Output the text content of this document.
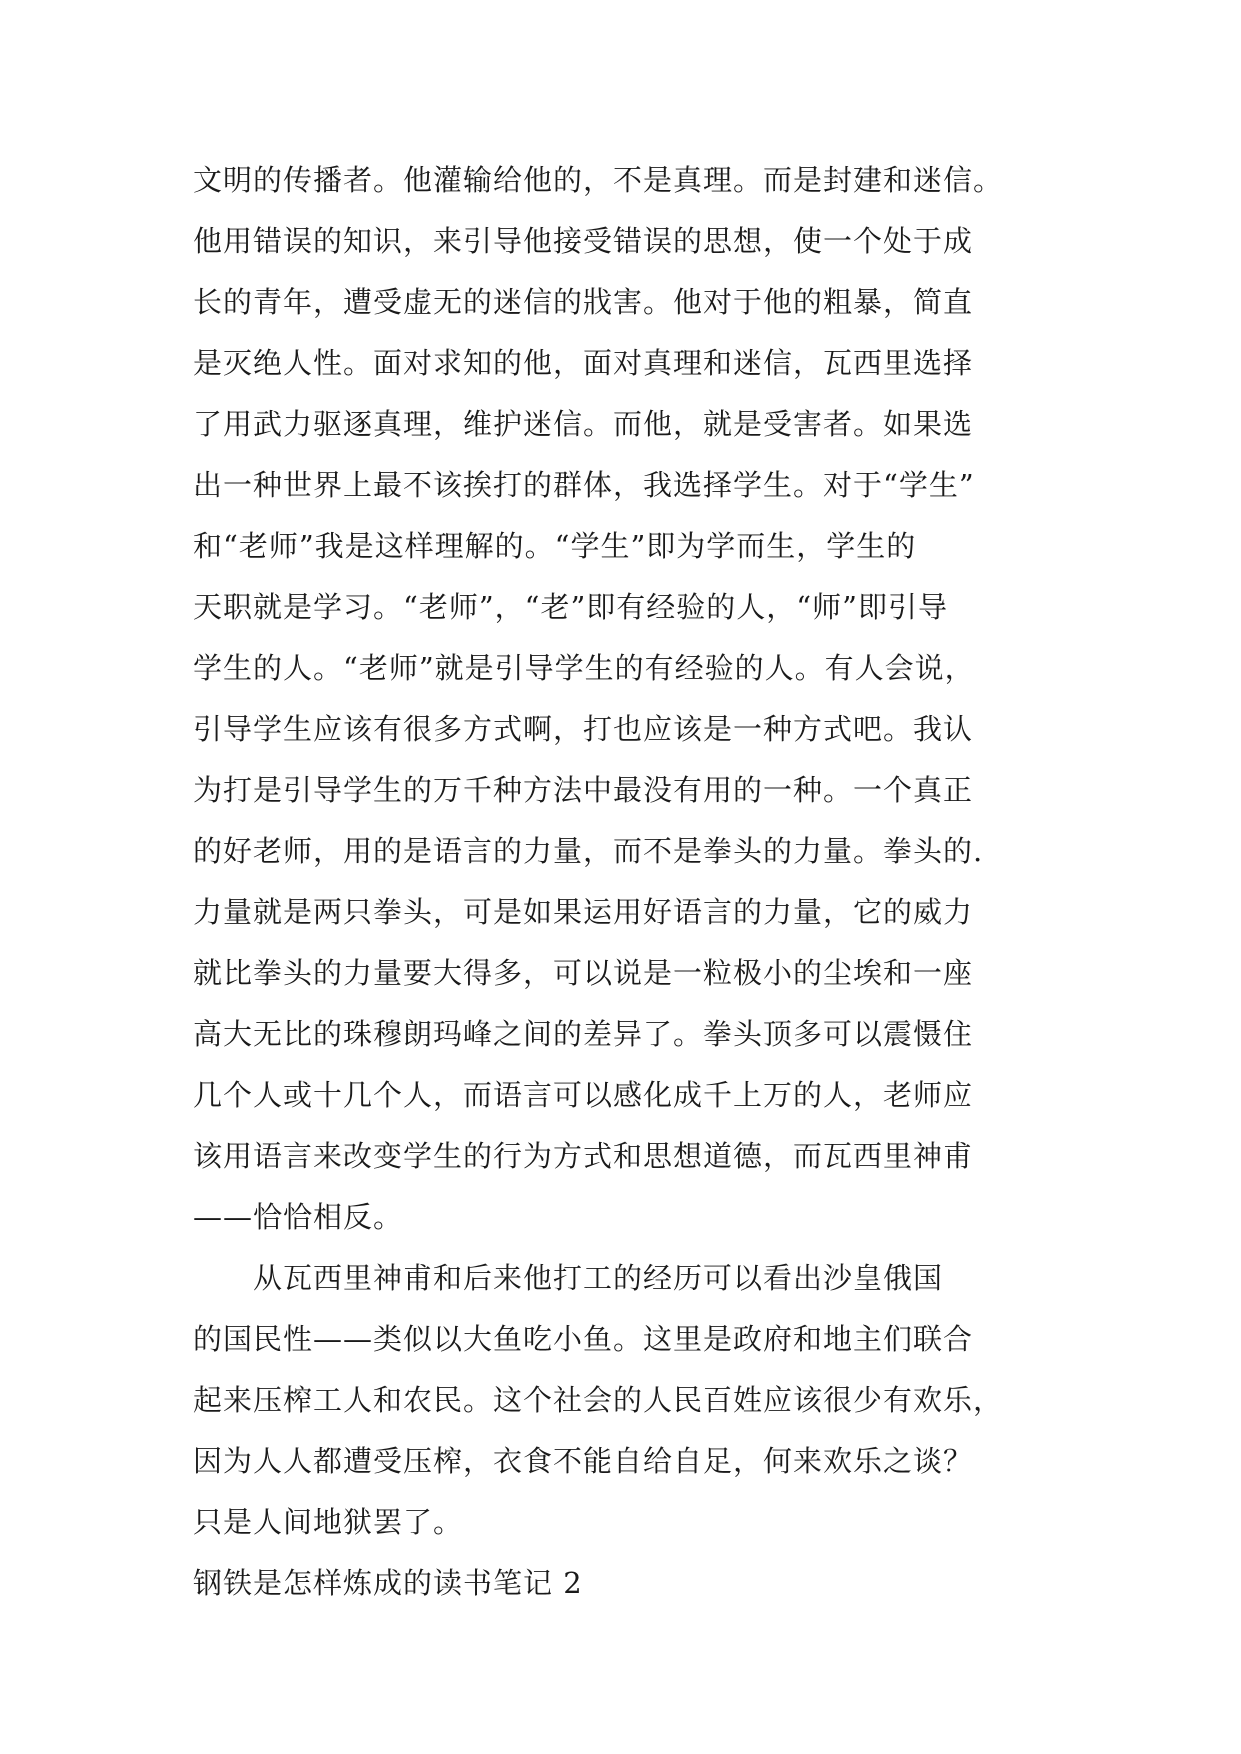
文明的传播者。他灌输给他的，不是真理。而是封建和迷信。
他用错误的知识，来引导他接受错误的思想，使一个处于成
长的青年，遭受虚无的迷信的戕害。他对于他的粗暴，简直
是灭绝人性。面对求知的他，面对真理和迷信，瓦西里选择
了用武力驱逐真理，维护迷信。而他，就是受害者。如果选
出一种世界上最不该挨打的群体，我选择学生。对于“学生”
和“老师”我是这样理解的。“学生”即为学而生，学生的
天职就是学习。“老师”，“老”即有经验的人，“师”即引导
学生的人。“老师”就是引导学生的有经验的人。有人会说，
引导学生应该有很多方式啊，打也应该是一种方式吧。我认
为打是引导学生的万千种方法中最没有用的一种。一个真正
的好老师，用的是语言的力量，而不是拳头的力量。拳头的.
力量就是两只拳头，可是如果运用好语言的力量，它的威力
就比拳头的力量要大得多，可以说是一粒极小的尘埃和一座
高大无比的珠穆朗玛峰之间的差异了。拳头顶多可以震慑住
几个人或十几个人，而语言可以感化成千上万的人，老师应
该用语言来改变学生的行为方式和思想道德，而瓦西里神甫
——恰恰相反。
　　从瓦西里神甫和后来他打工的经历可以看出沙皇俄国
的国民性——类似以大鱼吃小鱼。这里是政府和地主们联合
起来压榨工人和农民。这个社会的人民百姓应该很少有欢乐，
因为人人都遭受压榨，衣食不能自给自足，何来欢乐之谈？
只是人间地狱罢了。
钢铁是怎样炼成的读书笔记 2
